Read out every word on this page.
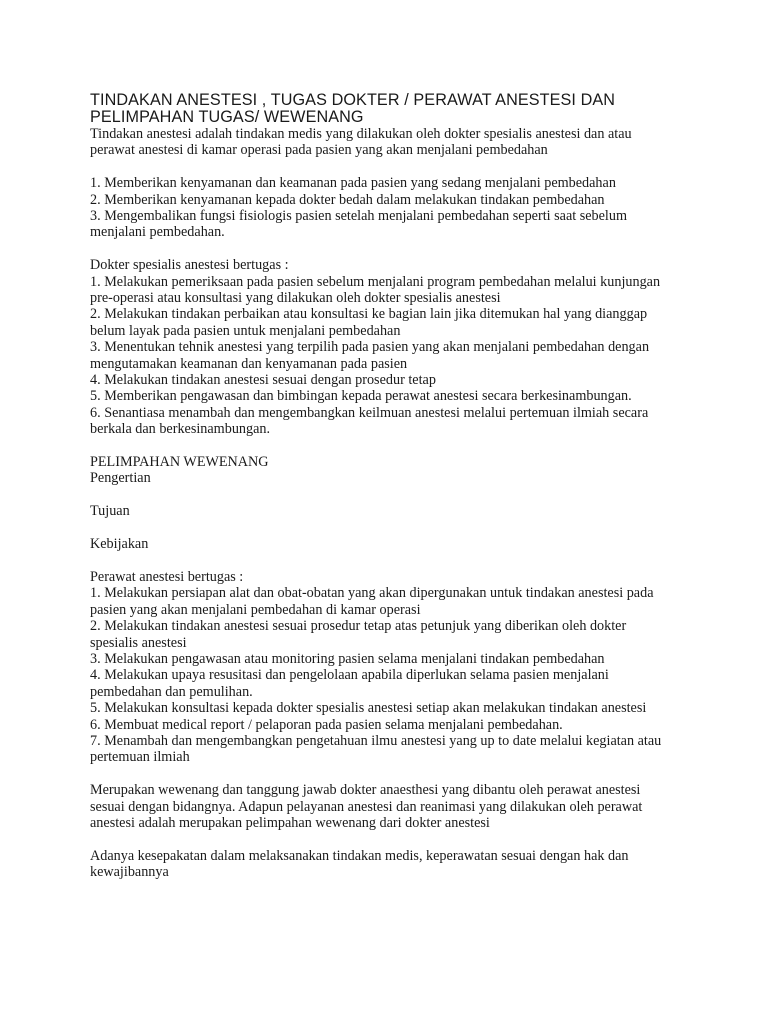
TINDAKAN ANESTESI , TUGAS DOKTER / PERAWAT ANESTESI DAN
PELIMPAHAN TUGAS/ WEWENANG

Tindakan anestesi adalah tindakan medis yang dilakukan oleh dokter spesialis anestesi dan atau
perawat anestesi di kamar operasi pada pasien yang akan menjalani pembedahan

1. Memberikan kenyamanan dan keamanan pada pasien yang sedang menjalani pembedahan
2. Memberikan kenyamanan kepada dokter bedah dalam melakukan tindakan pembedahan
3. Mengembalikan fungsi fisiologis pasien setelah menjalani pembedahan seperti saat sebelum
menjalani pembedahan.

Dokter spesialis anestesi bertugas :
1. Melakukan pemeriksaan pada pasien sebelum menjalani program pembedahan melalui kunjungan
pre-operasi atau konsultasi yang dilakukan oleh dokter spesialis anestesi
2. Melakukan tindakan perbaikan atau konsultasi ke bagian lain jika ditemukan hal yang dianggap
belum layak pada pasien untuk menjalani pembedahan
3. Menentukan tehnik anestesi yang terpilih pada pasien yang akan menjalani pembedahan dengan
mengutamakan keamanan dan kenyamanan pada pasien
4. Melakukan tindakan anestesi sesuai dengan prosedur tetap
5. Memberikan pengawasan dan bimbingan kepada perawat anestesi secara berkesinambungan.
6. Senantiasa menambah dan mengembangkan keilmuan anestesi melalui pertemuan ilmiah secara
berkala dan berkesinambungan.

PELIMPAHAN WEWENANG
Pengertian

Tujuan

Kebijakan

Perawat anestesi bertugas :
1. Melakukan persiapan alat dan obat-obatan yang akan dipergunakan untuk tindakan anestesi pada
pasien yang akan menjalani pembedahan di kamar operasi
2. Melakukan tindakan anestesi sesuai prosedur tetap atas petunjuk yang diberikan oleh dokter
spesialis anestesi
3. Melakukan pengawasan atau monitoring pasien selama menjalani tindakan pembedahan
4. Melakukan upaya resusitasi dan pengelolaan apabila diperlukan selama pasien menjalani
pembedahan dan pemulihan.
5. Melakukan konsultasi kepada dokter spesialis anestesi setiap akan melakukan tindakan anestesi
6. Membuat medical report / pelaporan pada pasien selama menjalani pembedahan.
7. Menambah dan mengembangkan pengetahuan ilmu anestesi yang up to date melalui kegiatan atau
pertemuan ilmiah

Merupakan wewenang dan tanggung jawab dokter anaesthesi yang dibantu oleh perawat anestesi
sesuai dengan bidangnya. Adapun pelayanan anestesi dan reanimasi yang dilakukan oleh perawat
anestesi adalah merupakan pelimpahan wewenang dari dokter anestesi

Adanya kesepakatan dalam melaksanakan tindakan medis, keperawatan sesuai dengan hak dan
kewajibannya
